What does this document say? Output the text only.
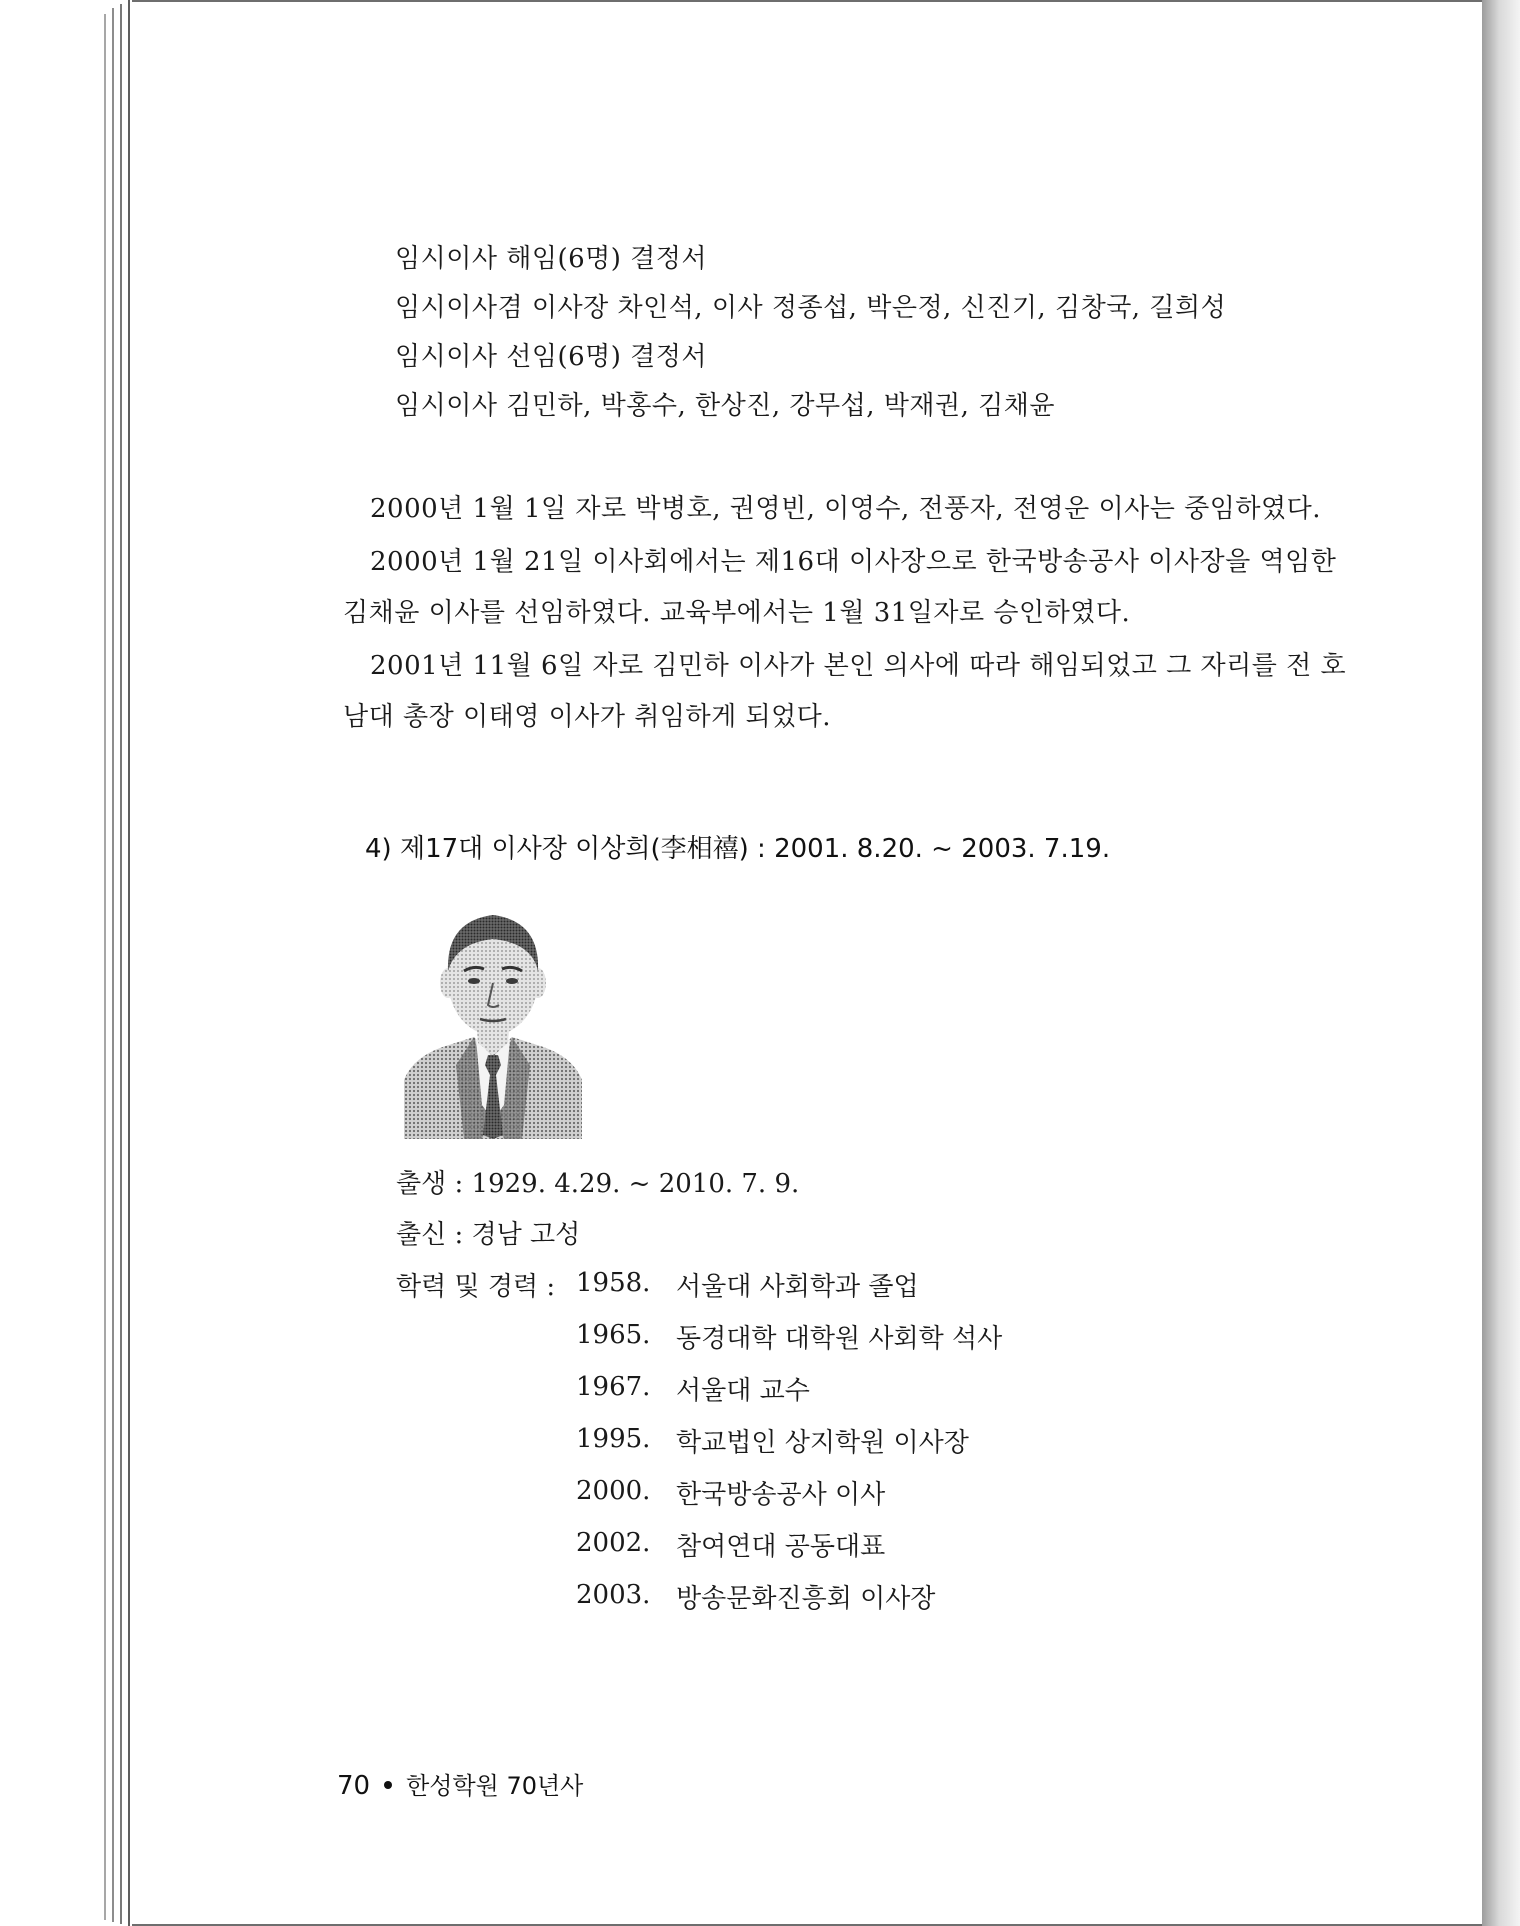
임시이사 해임(6명) 결정서
임시이사겸 이사장 차인석, 이사 정종섭, 박은정, 신진기, 김창국, 길희성
임시이사 선임(6명) 결정서
임시이사 김민하, 박홍수, 한상진, 강무섭, 박재권, 김채윤
2000년 1월 1일 자로 박병호, 권영빈, 이영수, 전풍자, 전영운 이사는 중임하였다.
2000년 1월 21일 이사회에서는 제16대 이사장으로 한국방송공사 이사장을 역임한
김채윤 이사를 선임하였다. 교육부에서는 1월 31일자로 승인하였다.
2001년 11월 6일 자로 김민하 이사가 본인 의사에 따라 해임되었고 그 자리를 전 호
남대 총장 이태영 이사가 취임하게 되었다.
4) 제17대 이사장 이상희(李相禧) : 2001. 8.20. ~ 2003. 7.19.
출생 : 1929. 4.29. ~ 2010. 7. 9.
출신 : 경남 고성
학력 및 경력 : 1958. 서울대 사회학과 졸업
1965. 동경대학 대학원 사회학 석사
1967. 서울대 교수
1995. 학교법인 상지학원 이사장
2000. 한국방송공사 이사
2002. 참여연대 공동대표
2003. 방송문화진흥회 이사장
70 한성학원 70년사
